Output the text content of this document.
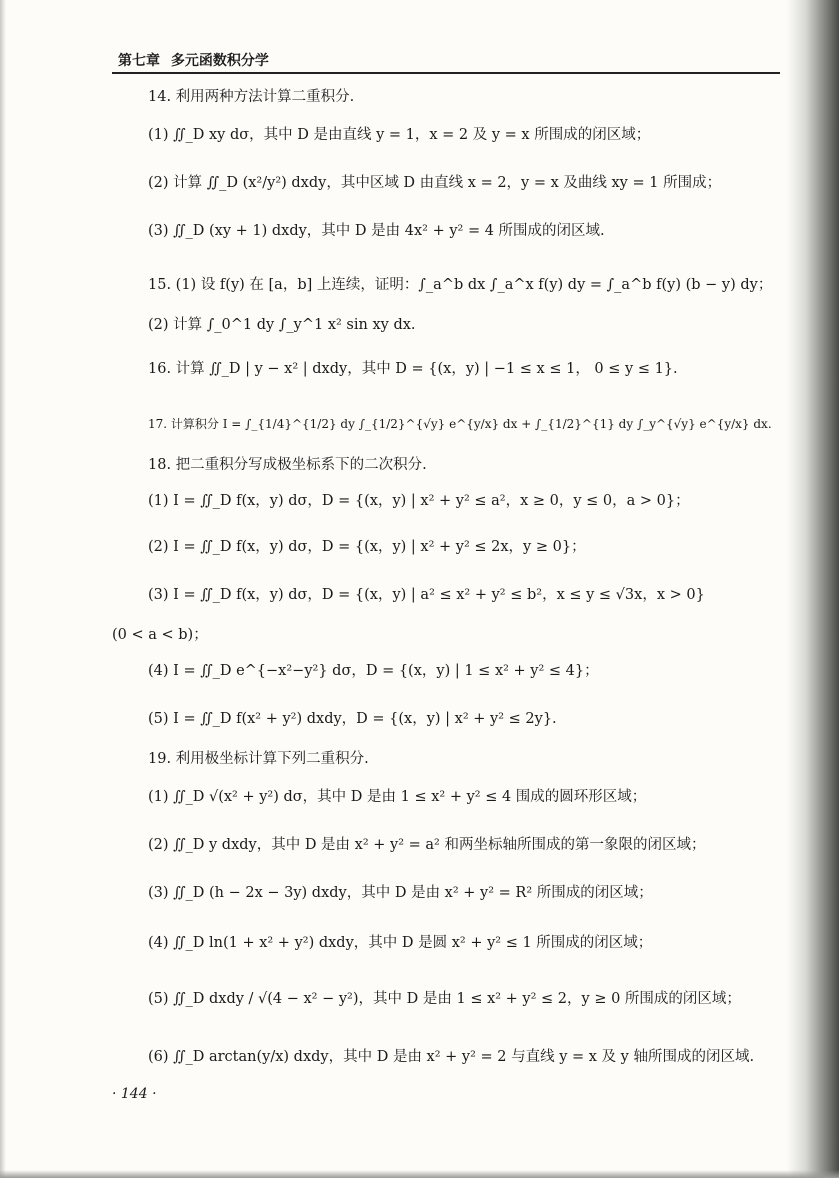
第七章 多元函数积分学
14. 利用两种方法计算二重积分.
(1) ∬_D xy dσ，其中 D 是由直线 y = 1，x = 2 及 y = x 所围成的闭区域；
(2) 计算 ∬_D (x²/y²) dxdy，其中区域 D 由直线 x = 2，y = x 及曲线 xy = 1 所围成；
(3) ∬_D (xy + 1) dxdy，其中 D 是由 4x² + y² = 4 所围成的闭区域.
15. (1) 设 f(y) 在 [a，b] 上连续，证明：∫_a^b dx ∫_a^x f(y) dy = ∫_a^b f(y) (b − y) dy；
(2) 计算 ∫_0^1 dy ∫_y^1 x² sin xy dx.
16. 计算 ∬_D | y − x² | dxdy，其中 D = {(x，y) | −1 ≤ x ≤ 1， 0 ≤ y ≤ 1}.
17. 计算积分 I = ∫_{1/4}^{1/2} dy ∫_{1/2}^{√y} e^{y/x} dx + ∫_{1/2}^{1} dy ∫_y^{√y} e^{y/x} dx.
18. 把二重积分写成极坐标系下的二次积分.
(1) I = ∬_D f(x，y) dσ，D = {(x，y) | x² + y² ≤ a²，x ≥ 0，y ≤ 0，a > 0}；
(2) I = ∬_D f(x，y) dσ，D = {(x，y) | x² + y² ≤ 2x，y ≥ 0}；
(3) I = ∬_D f(x，y) dσ，D = {(x，y) | a² ≤ x² + y² ≤ b²，x ≤ y ≤ √3x，x > 0}
(0 < a < b)；
(4) I = ∬_D e^{−x²−y²} dσ，D = {(x，y) | 1 ≤ x² + y² ≤ 4}；
(5) I = ∬_D f(x² + y²) dxdy，D = {(x，y) | x² + y² ≤ 2y}.
19. 利用极坐标计算下列二重积分.
(1) ∬_D √(x² + y²) dσ，其中 D 是由 1 ≤ x² + y² ≤ 4 围成的圆环形区域；
(2) ∬_D y dxdy，其中 D 是由 x² + y² = a² 和两坐标轴所围成的第一象限的闭区域；
(3) ∬_D (h − 2x − 3y) dxdy，其中 D 是由 x² + y² = R² 所围成的闭区域；
(4) ∬_D ln(1 + x² + y²) dxdy，其中 D 是圆 x² + y² ≤ 1 所围成的闭区域；
(5) ∬_D dxdy / √(4 − x² − y²)，其中 D 是由 1 ≤ x² + y² ≤ 2，y ≥ 0 所围成的闭区域；
(6) ∬_D arctan(y/x) dxdy，其中 D 是由 x² + y² = 2 与直线 y = x 及 y 轴所围成的闭区域.
· 144 ·
